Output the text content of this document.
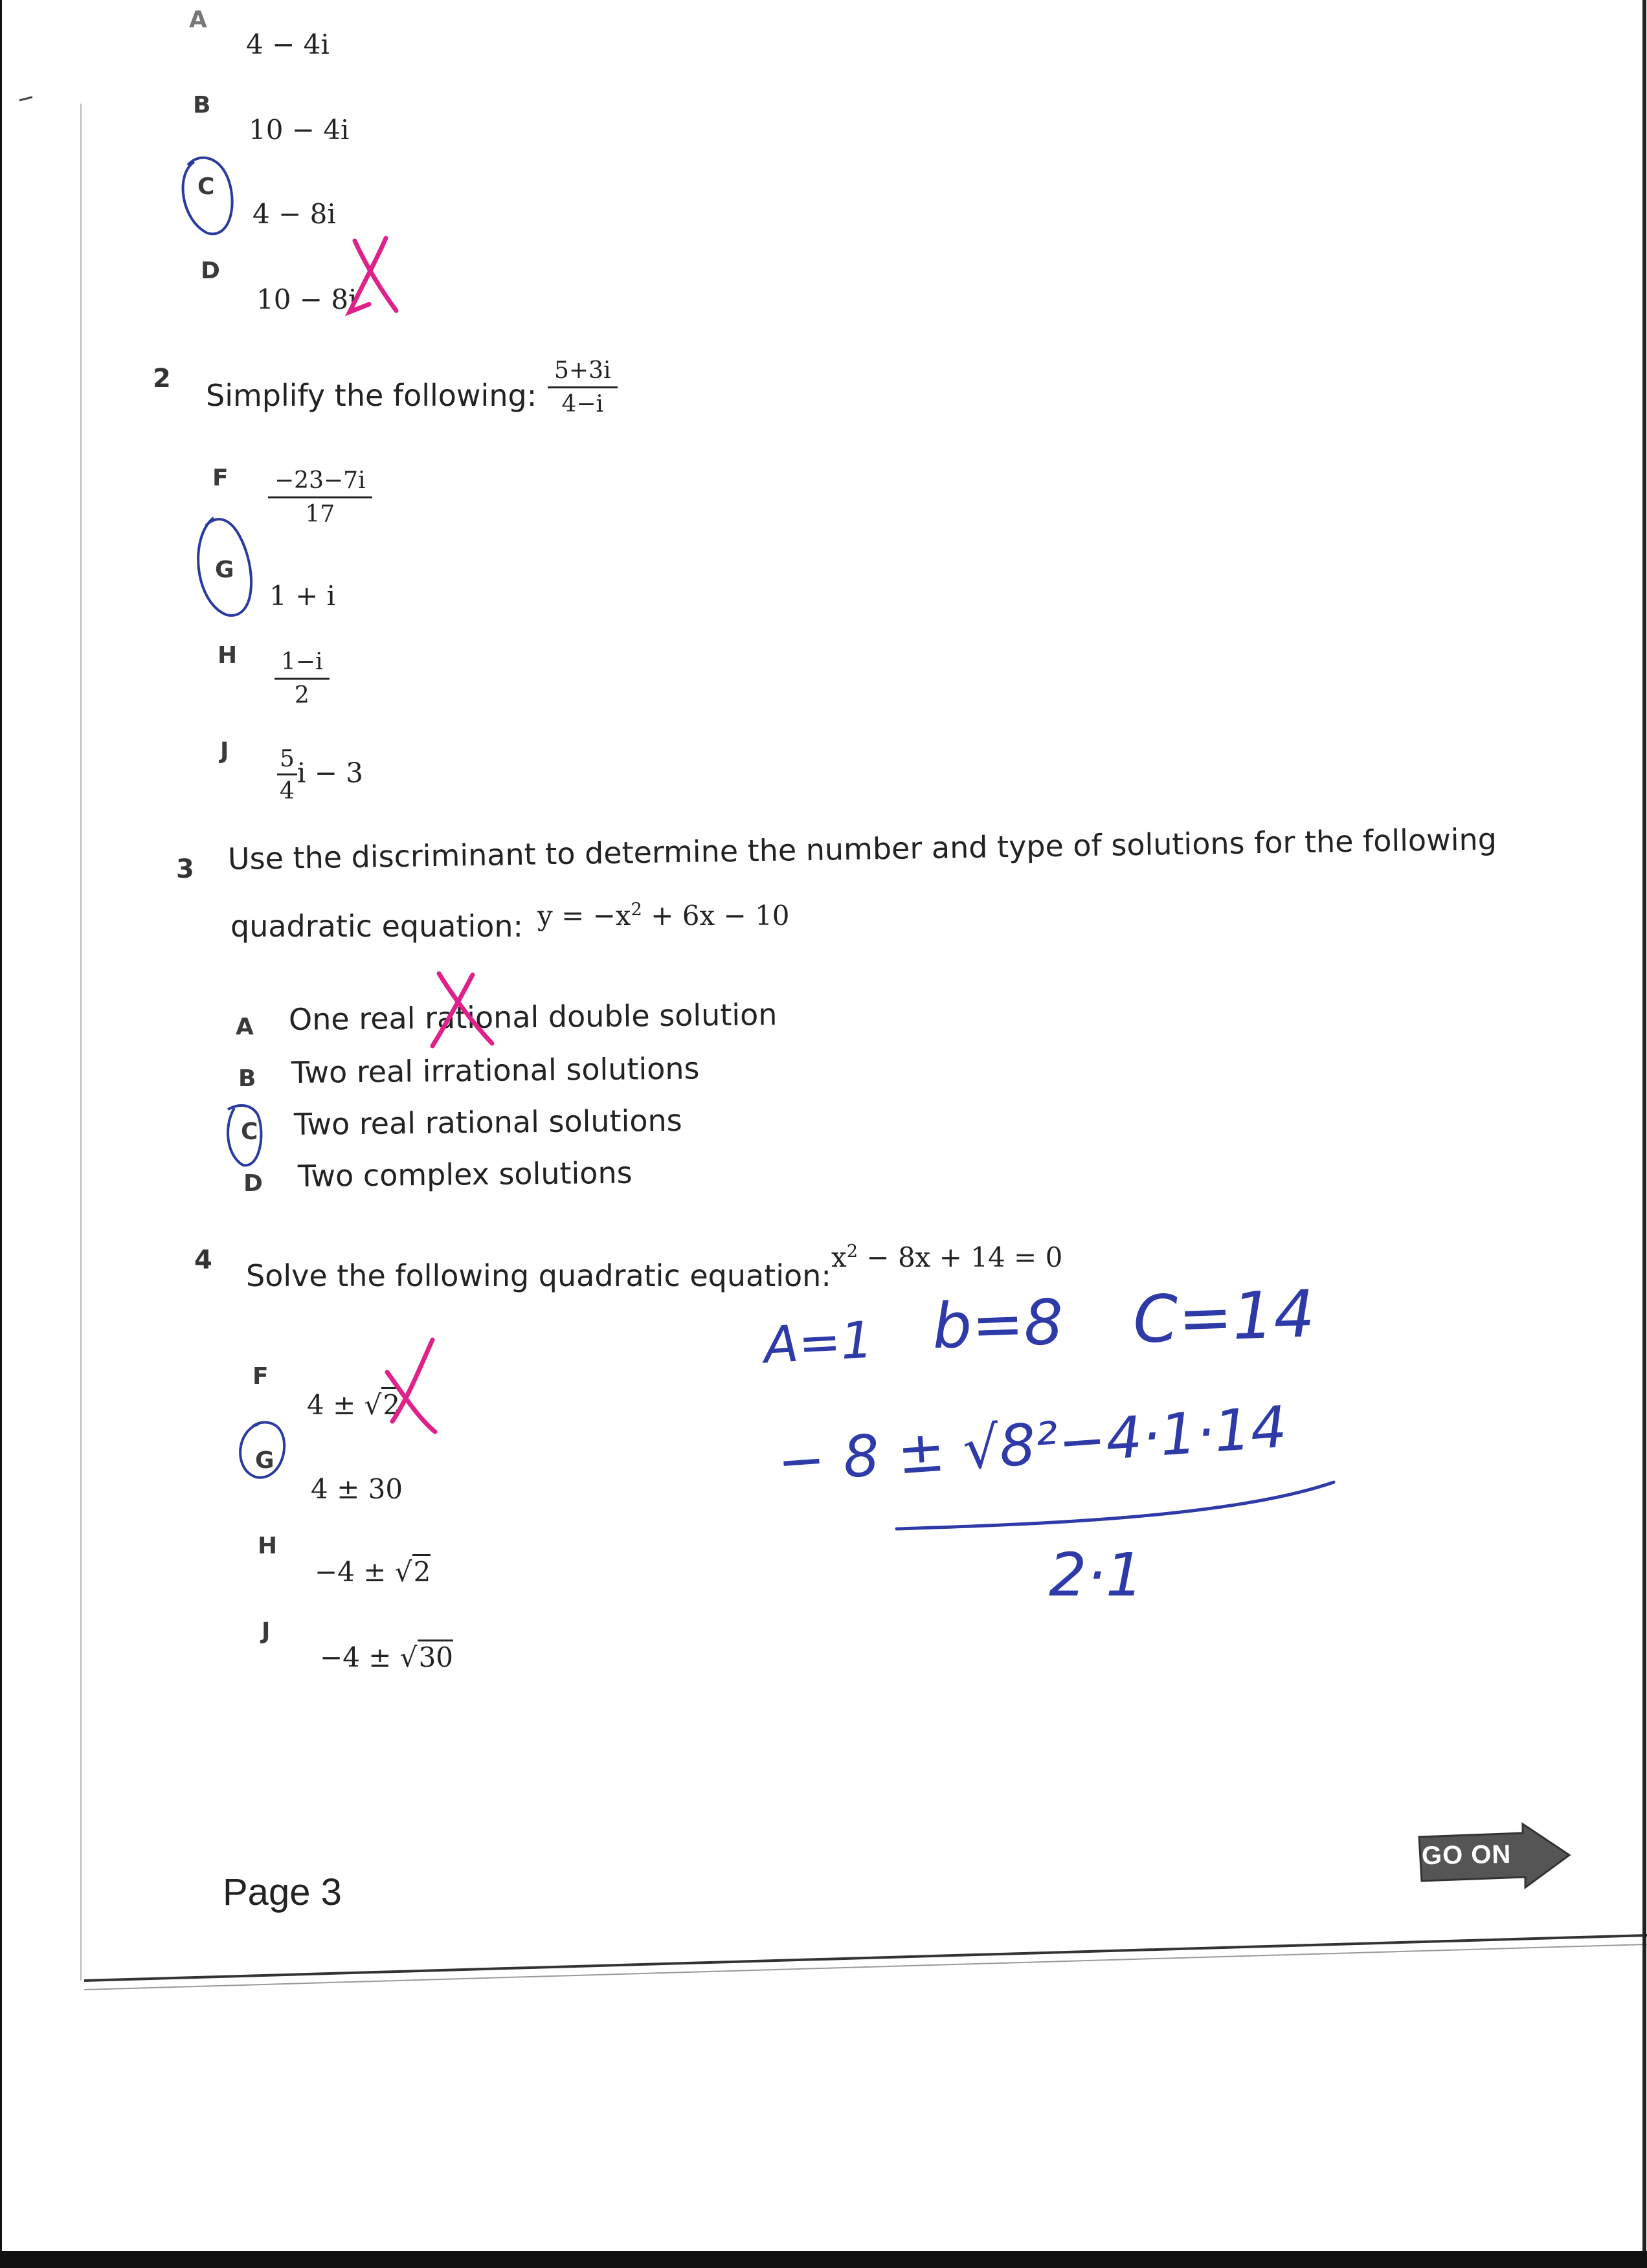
A
4 − 4i
B
10 − 4i
C
4 − 8i
D
10 − 8i
2 Simplify the following: $\frac{5+3i}{4-i}$
F $\frac{-23-7i}{17}$
G
1 + i
H $\frac{1-i}{2}$
J $\frac{5}{4}$ i − 3
3 Use the discriminant to determine the number and type of solutions for the following
quadratic equation: $y = -x^2 + 6x - 10$
A One real rational double solution
B Two real irrational solutions
C Two real rational solutions
D Two complex solutions
4 Solve the following quadratic equation:
$x^2 - 8x + 14 = 0$
F
4 ± √2
G
4 ± 30
H
−4 ± √2
J
−4 ± √30
A=1 b=8 C=14
− 8 ± √8²−4·1·14
2·1
Page 3
GO ON
